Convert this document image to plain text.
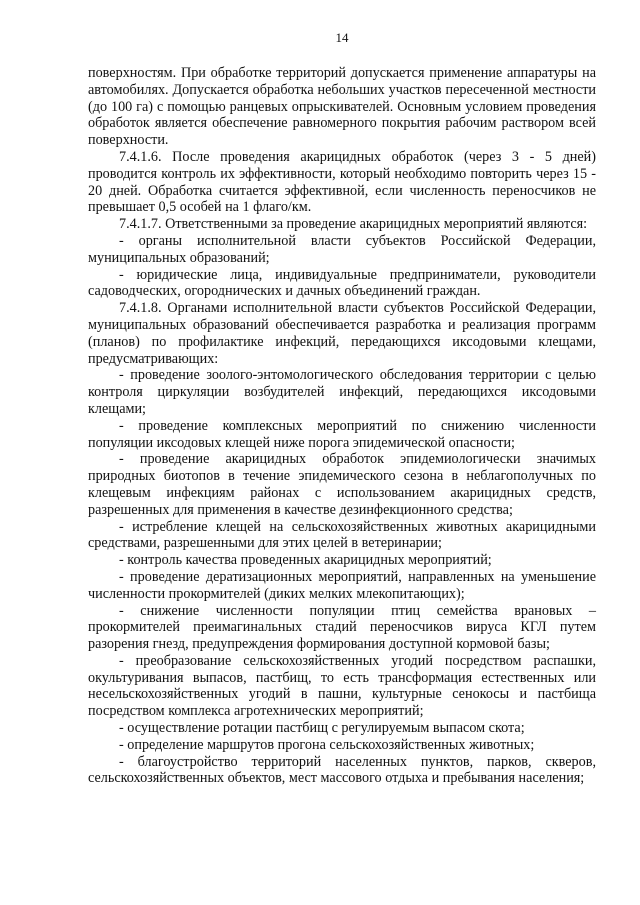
14

поверхностям. При обработке территорий допускается применение аппаратуры на автомобилях. Допускается обработка небольших участков пересеченной местности (до 100 га) с помощью ранцевых опрыскивателей. Основным условием проведения обработок является обеспечение равномерного покрытия рабочим раствором всей поверхности.

7.4.1.6. После проведения акарицидных обработок (через 3 - 5 дней) проводится контроль их эффективности, который необходимо повторить через 15 - 20 дней. Обработка считается эффективной, если численность переносчиков не превышает 0,5 особей на 1 флаго/км.

7.4.1.7. Ответственными за проведение акарицидных мероприятий являются:

- органы исполнительной власти субъектов Российской Федерации, муниципальных образований;

- юридические лица, индивидуальные предприниматели, руководители садоводческих, огороднических и дачных объединений граждан.

7.4.1.8. Органами исполнительной власти субъектов Российской Федерации, муниципальных образований обеспечивается разработка и реализация программ (планов) по профилактике инфекций, передающихся иксодовыми клещами, предусматривающих:

- проведение зоолого-энтомологического обследования территории с целью контроля циркуляции возбудителей инфекций, передающихся иксодовыми клещами;

- проведение комплексных мероприятий по снижению численности популяции иксодовых клещей ниже порога эпидемической опасности;

- проведение акарицидных обработок эпидемиологически значимых природных биотопов в течение эпидемического сезона в неблагополучных по клещевым инфекциям районах с использованием акарицидных средств, разрешенных для применения в качестве дезинфекционного средства;

- истребление клещей на сельскохозяйственных животных акарицидными средствами, разрешенными для этих целей в ветеринарии;

- контроль качества проведенных акарицидных мероприятий;

- проведение дератизационных мероприятий, направленных на уменьшение численности прокормителей (диких мелких млекопитающих);

- снижение численности популяции птиц семейства врановых – прокормителей преимагинальных стадий переносчиков вируса КГЛ путем разорения гнезд, предупреждения формирования доступной кормовой базы;

- преобразование сельскохозяйственных угодий посредством распашки, окультуривания выпасов, пастбищ, то есть трансформация естественных или несельскохозяйственных угодий в пашни, культурные сенокосы и пастбища посредством комплекса агротехнических мероприятий;

- осуществление ротации пастбищ с регулируемым выпасом скота;

- определение маршрутов прогона сельскохозяйственных животных;

- благоустройство территорий населенных пунктов, парков, скверов, сельскохозяйственных объектов, мест массового отдыха и пребывания населения;
